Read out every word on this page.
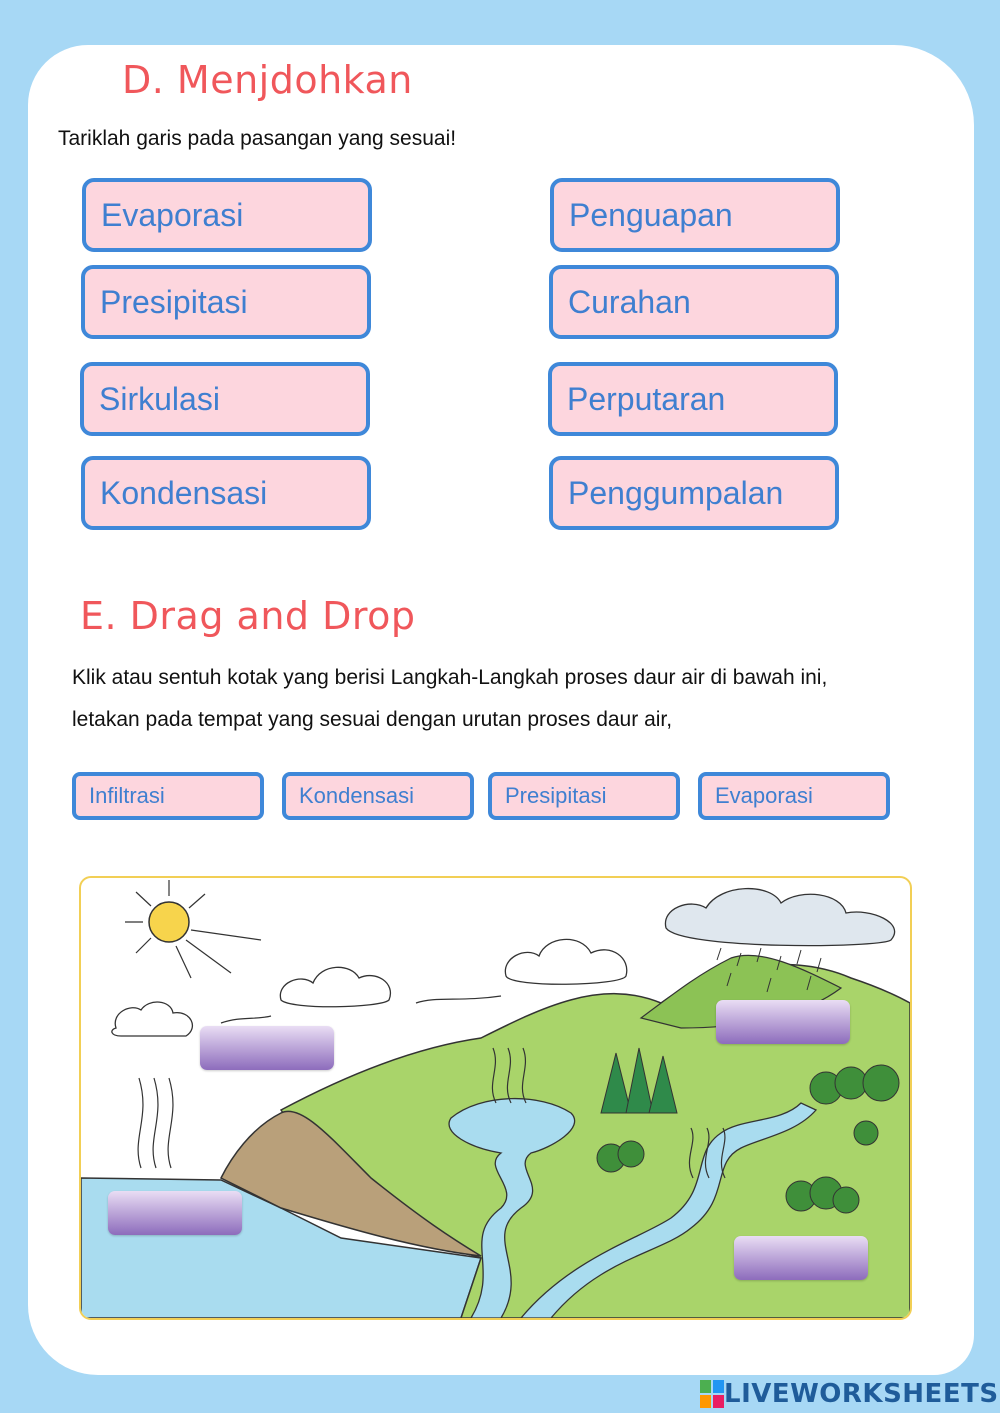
D. Menjdohkan
Tariklah garis pada pasangan yang sesuai!
Evaporasi
Presipitasi
Sirkulasi
Kondensasi
Penguapan
Curahan
Perputaran
Penggumpalan
E. Drag and Drop
Klik atau sentuh kotak yang berisi Langkah-Langkah proses daur air di bawah ini,
letakan pada tempat yang sesuai dengan urutan proses daur air,
Infiltrasi	Kondensasi	Presipitasi	Evaporasi
LIVEWORKSHEETS
